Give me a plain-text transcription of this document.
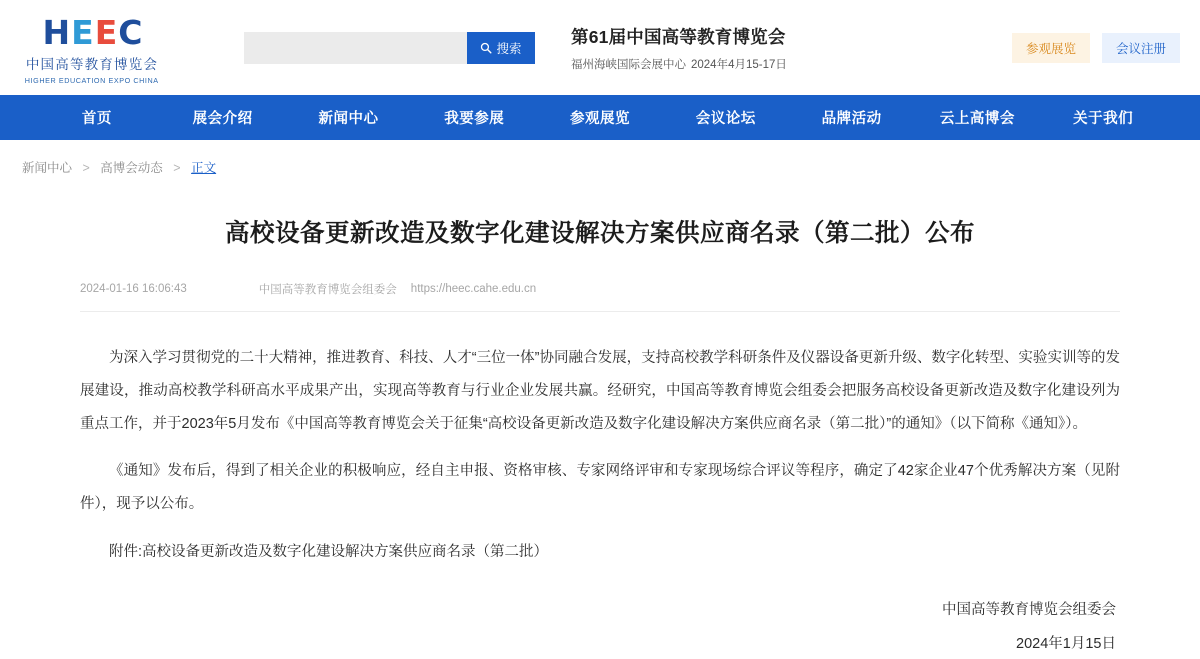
H E E C
中国高等教育博览会
HIGHER EDUCATION EXPO CHINA
搜索
第61届中国高等教育博览会
福州海峡国际会展中心 2024年4月15-17日
参观展览	会议注册
首页	展会介绍	新闻中心	我要参展	参观展览	会议论坛	品牌活动	云上高博会	关于我们
新闻中心 > 高博会动态 > 正文
高校设备更新改造及数字化建设解决方案供应商名录（第二批）公布
2024-01-16 16:06:43	中国高等教育博览会组委会 https://heec.cahe.edu.cn

为深入学习贯彻党的二十大精神，推进教育、科技、人才“三位一体”协同融合发展，支持高校教学科研条件及仪器设备更新升级、数字化转型、实验实训等的发展建设，推动高校教学科研高水平成果产出，实现高等教育与行业企业发展共赢。经研究，中国高等教育博览会组委会把服务高校设备更新改造及数字化建设列为重点工作，并于2023年5月发布《中国高等教育博览会关于征集“高校设备更新改造及数字化建设解决方案供应商名录（第二批）”的通知》（以下简称《通知》）。

《通知》发布后，得到了相关企业的积极响应，经自主申报、资格审核、专家网络评审和专家现场综合评议等程序，确定了42家企业47个优秀解决方案（见附件），现予以公布。

附件:高校设备更新改造及数字化建设解决方案供应商名录（第二批）
中国高等教育博览会组委会
2024年1月15日
